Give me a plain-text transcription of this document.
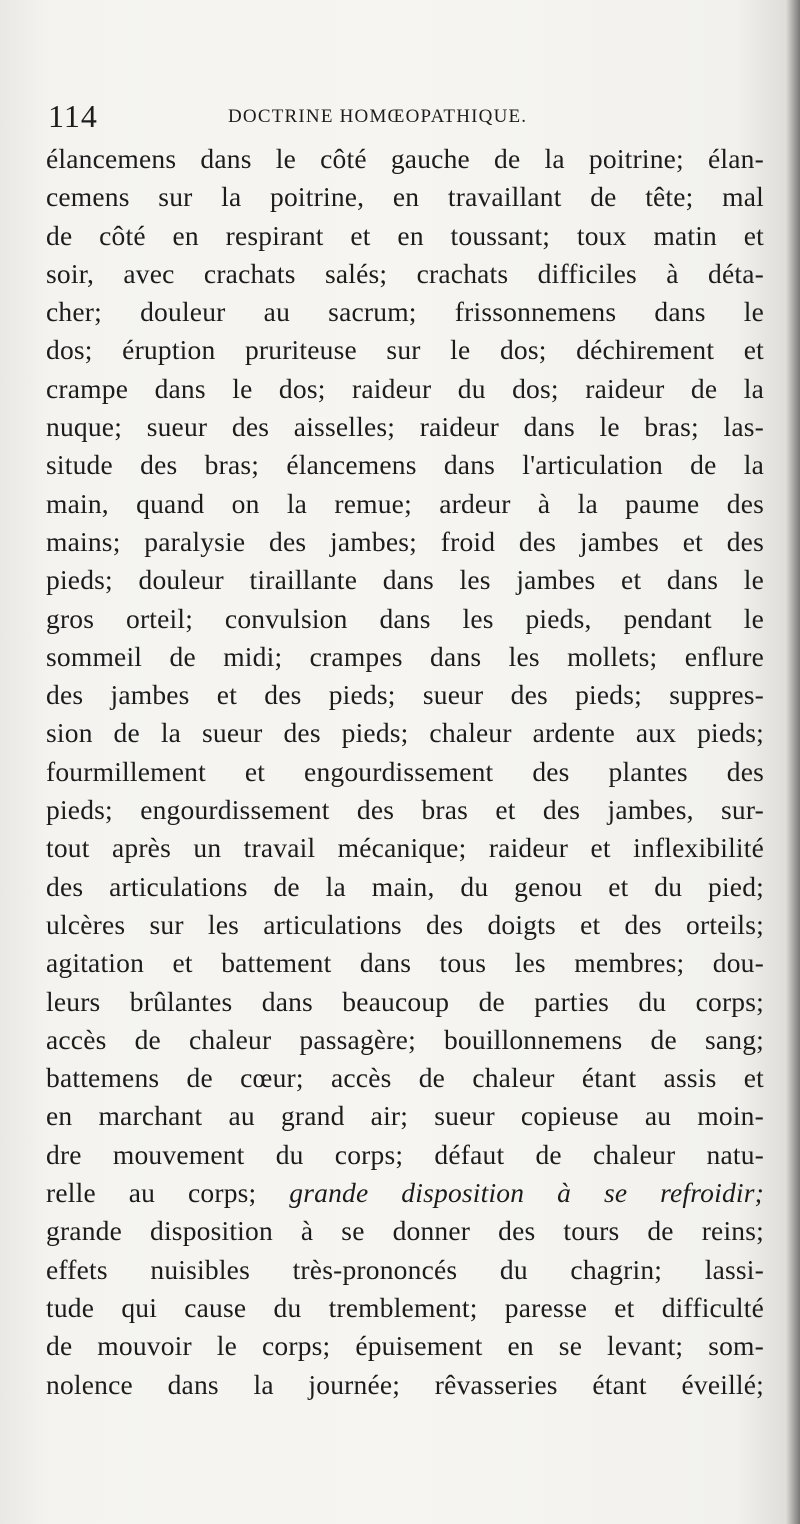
114	DOCTRINE HOMŒOPATHIQUE.
élancemens dans le côté gauche de la poitrine; élan-
cemens sur la poitrine, en travaillant de tête; mal
de côté en respirant et en toussant; toux matin et
soir, avec crachats salés; crachats difficiles à déta-
cher; douleur au sacrum; frissonnemens dans le
dos; éruption pruriteuse sur le dos; déchirement et
crampe dans le dos; raideur du dos; raideur de la
nuque; sueur des aisselles; raideur dans le bras; las-
situde des bras; élancemens dans l'articulation de la
main, quand on la remue; ardeur à la paume des
mains; paralysie des jambes; froid des jambes et des
pieds; douleur tiraillante dans les jambes et dans le
gros orteil; convulsion dans les pieds, pendant le
sommeil de midi; crampes dans les mollets; enflure
des jambes et des pieds; sueur des pieds; suppres-
sion de la sueur des pieds; chaleur ardente aux pieds;
fourmillement et engourdissement des plantes des
pieds; engourdissement des bras et des jambes, sur-
tout après un travail mécanique; raideur et inflexibilité
des articulations de la main, du genou et du pied;
ulcères sur les articulations des doigts et des orteils;
agitation et battement dans tous les membres; dou-
leurs brûlantes dans beaucoup de parties du corps;
accès de chaleur passagère; bouillonnemens de sang;
battemens de cœur; accès de chaleur étant assis et
en marchant au grand air; sueur copieuse au moin-
dre mouvement du corps; défaut de chaleur natu-
relle au corps; grande disposition à se refroidir;
grande disposition à se donner des tours de reins;
effets nuisibles très-prononcés du chagrin; lassi-
tude qui cause du tremblement; paresse et difficulté
de mouvoir le corps; épuisement en se levant; som-
nolence dans la journée; rêvasseries étant éveillé;
